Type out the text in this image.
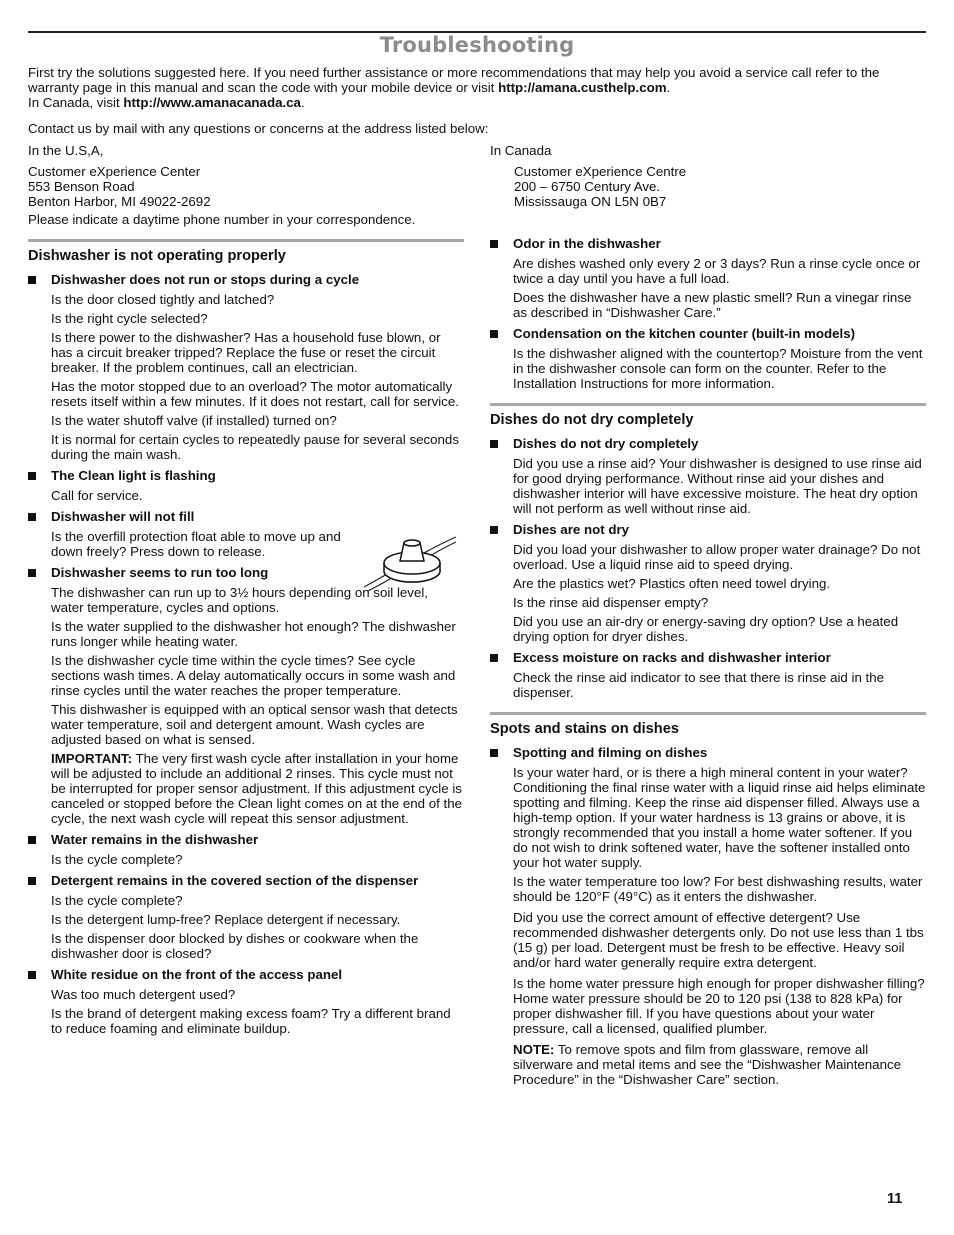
Troubleshooting

First try the solutions suggested here. If you need further assistance or more recommendations that may help you avoid a service call refer to the warranty page in this manual and scan the code with your mobile device or visit http://amana.custhelp.com.

In Canada, visit http://www.amanacanada.ca.

Contact us by mail with any questions or concerns at the address listed below:
In the U.S,A,
Customer eXperience Center
553 Benson Road
Benton Harbor, MI 49022-2692
Please indicate a daytime phone number in your correspondence.
In Canada
Customer eXperience Centre
200 – 6750 Century Ave.
Mississauga ON L5N 0B7
Dishwasher is not operating properly
Dishwasher does not run or stops during a cycle
Is the door closed tightly and latched?
Is the right cycle selected?
Is there power to the dishwasher? Has a household fuse blown, or has a circuit breaker tripped? Replace the fuse or reset the circuit breaker. If the problem continues, call an electrician.
Has the motor stopped due to an overload? The motor automatically resets itself within a few minutes. If it does not restart, call for service.
Is the water shutoff valve (if installed) turned on?
It is normal for certain cycles to repeatedly pause for several seconds during the main wash.
The Clean light is flashing
Call for service.
Dishwasher will not fill
Is the overfill protection float able to move up and down freely? Press down to release.
Dishwasher seems to run too long
The dishwasher can run up to 3½ hours depending on soil level, water temperature, cycles and options.
Is the water supplied to the dishwasher hot enough? The dishwasher runs longer while heating water.
Is the dishwasher cycle time within the cycle times? See cycle sections wash times. A delay automatically occurs in some wash and rinse cycles until the water reaches the proper temperature.
This dishwasher is equipped with an optical sensor wash that detects water temperature, soil and detergent amount. Wash cycles are adjusted based on what is sensed.
IMPORTANT: The very first wash cycle after installation in your home will be adjusted to include an additional 2 rinses. This cycle must not be interrupted for proper sensor adjustment. If this adjustment cycle is canceled or stopped before the Clean light comes on at the end of the cycle, the next wash cycle will repeat this sensor adjustment.
Water remains in the dishwasher
Is the cycle complete?
Detergent remains in the covered section of the dispenser
Is the cycle complete?
Is the detergent lump-free? Replace detergent if necessary.
Is the dispenser door blocked by dishes or cookware when the dishwasher door is closed?
White residue on the front of the access panel
Was too much detergent used?
Is the brand of detergent making excess foam? Try a different brand to reduce foaming and eliminate buildup.
Odor in the dishwasher
Are dishes washed only every 2 or 3 days? Run a rinse cycle once or twice a day until you have a full load.
Does the dishwasher have a new plastic smell? Run a vinegar rinse as described in “Dishwasher Care.”
Condensation on the kitchen counter (built-in models)
Is the dishwasher aligned with the countertop? Moisture from the vent in the dishwasher console can form on the counter. Refer to the Installation Instructions for more information.
Dishes do not dry completely
Dishes do not dry completely
Did you use a rinse aid? Your dishwasher is designed to use rinse aid for good drying performance. Without rinse aid your dishes and dishwasher interior will have excessive moisture. The heat dry option will not perform as well without rinse aid.
Dishes are not dry
Did you load your dishwasher to allow proper water drainage? Do not overload. Use a liquid rinse aid to speed drying.
Are the plastics wet? Plastics often need towel drying.
Is the rinse aid dispenser empty?
Did you use an air-dry or energy-saving dry option? Use a heated drying option for dryer dishes.
Excess moisture on racks and dishwasher interior
Check the rinse aid indicator to see that there is rinse aid in the dispenser.
Spots and stains on dishes
Spotting and filming on dishes
Is your water hard, or is there a high mineral content in your water? Conditioning the final rinse water with a liquid rinse aid helps eliminate spotting and filming. Keep the rinse aid dispenser filled. Always use a high-temp option. If your water hardness is 13 grains or above, it is strongly recommended that you install a home water softener. If you do not wish to drink softened water, have the softener installed onto your hot water supply.
Is the water temperature too low? For best dishwashing results, water should be 120°F (49°C) as it enters the dishwasher.
Did you use the correct amount of effective detergent? Use recommended dishwasher detergents only. Do not use less than 1 tbs (15 g) per load. Detergent must be fresh to be effective. Heavy soil and/or hard water generally require extra detergent.
Is the home water pressure high enough for proper dishwasher filling? Home water pressure should be 20 to 120 psi (138 to 828 kPa) for proper dishwasher fill. If you have questions about your water pressure, call a licensed, qualified plumber.
NOTE: To remove spots and film from glassware, remove all silverware and metal items and see the “Dishwasher Maintenance Procedure” in the “Dishwasher Care” section.
11
